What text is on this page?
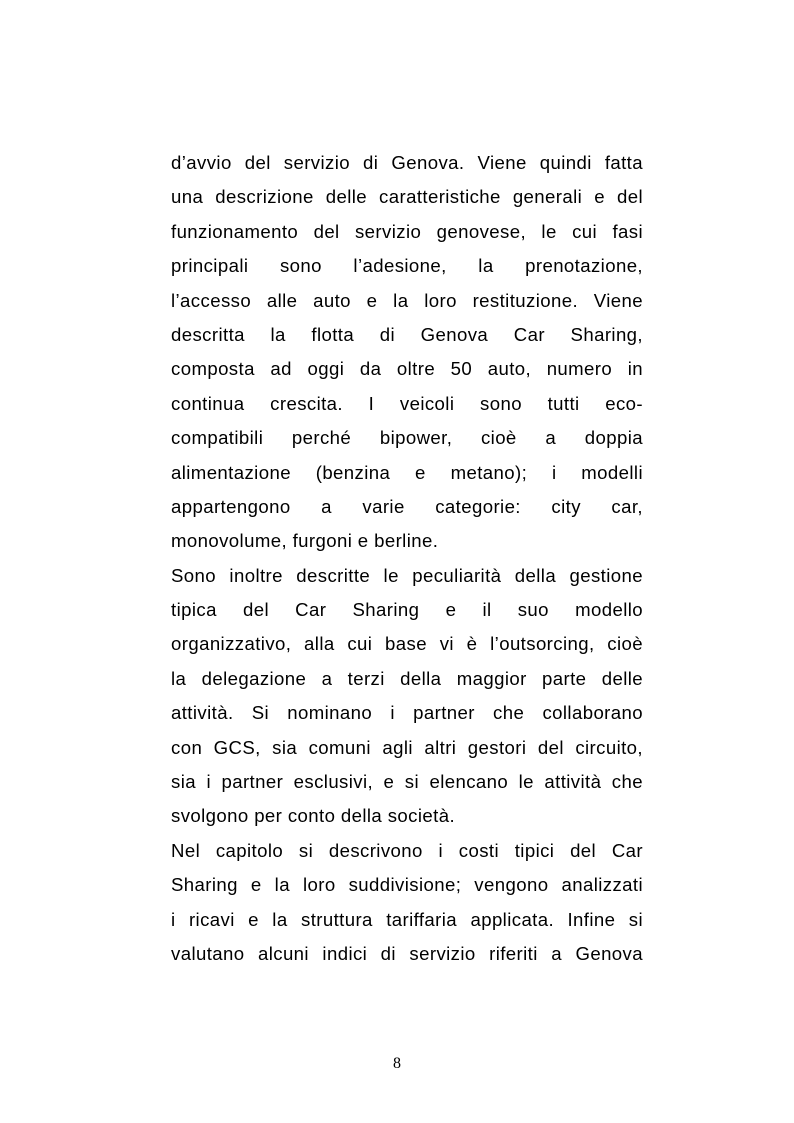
d’avvio del servizio di Genova. Viene quindi fatta
una descrizione delle caratteristiche generali e del
funzionamento del servizio genovese, le cui fasi
principali sono l’adesione, la prenotazione,
l’accesso alle auto e la loro restituzione. Viene
descritta la flotta di Genova Car Sharing,
composta ad oggi da oltre 50 auto, numero in
continua crescita. I veicoli sono tutti eco-
compatibili perché bipower, cioè a doppia
alimentazione (benzina e metano); i modelli
appartengono a varie categorie: city car,
monovolume, furgoni e berline.
Sono inoltre descritte le peculiarità della gestione
tipica del Car Sharing e il suo modello
organizzativo, alla cui base vi è l’outsorcing, cioè
la delegazione a terzi della maggior parte delle
attività. Si nominano i partner che collaborano
con GCS, sia comuni agli altri gestori del circuito,
sia i partner esclusivi, e si elencano le attività che
svolgono per conto della società.
Nel capitolo si descrivono i costi tipici del Car
Sharing e la loro suddivisione; vengono analizzati
i ricavi e la struttura tariffaria applicata. Infine si
valutano alcuni indici di servizio riferiti a Genova
8
